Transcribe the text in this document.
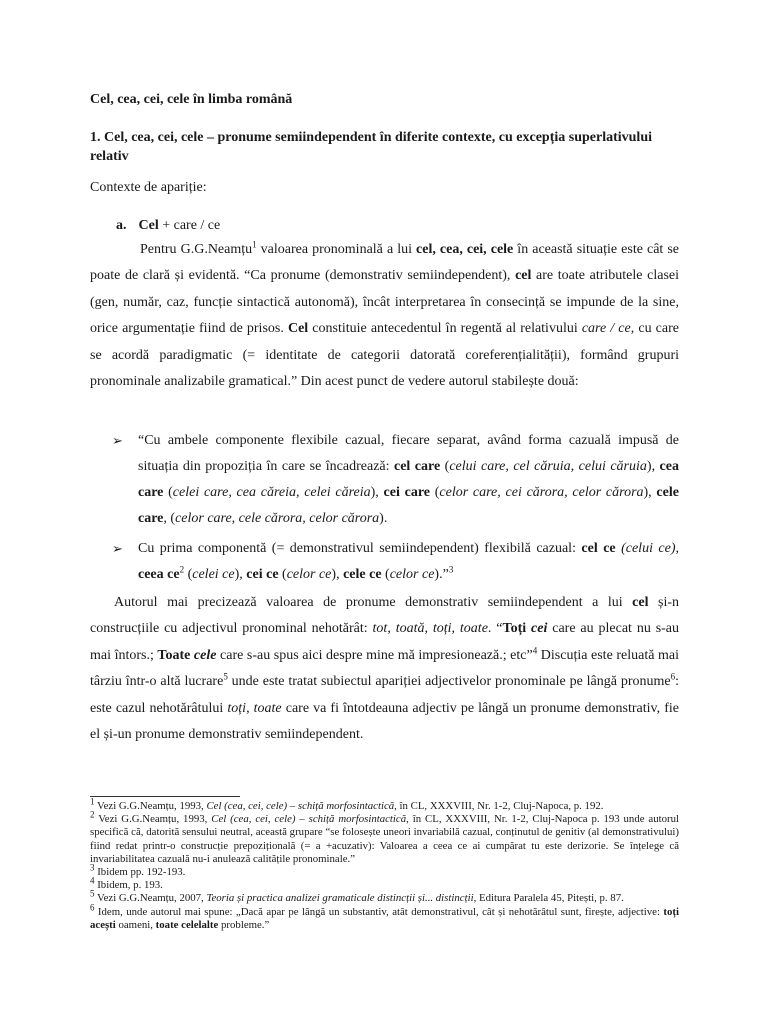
Cel, cea, cei, cele în limba română
1. Cel, cea, cei, cele – pronume semiindependent în diferite contexte, cu excepția superlativului relativ
Contexte de apariție:
a. Cel + care / ce

Pentru G.G.Neamțu$^1$ valoarea pronominală a lui cel, cea, cei, cele în această situație este cât se poate de clară și evidentă. “Ca pronume (demonstrativ semiindependent), cel are toate atributele clasei (gen, număr, caz, funcție sintactică autonomă), încât interpretarea în consecință se impunde de la sine, orice argumentație fiind de prisos. Cel constituie antecedentul în regentă al relativului care / ce, cu care se acordă paradigmatic (= identitate de categorii datorată coreferențialității), formând grupuri pronominale analizabile gramatical.” Din acest punct de vedere autorul stabilește două:

➢ “Cu ambele componente flexibile cazual, fiecare separat, având forma cazuală impusă de situația din propoziția în care se încadrează: cel care (celui care, cel căruia, celui căruia), cea care (celei care, cea căreia, celei căreia), cei care (celor care, cei cărora, celor cărora), cele care, (celor care, cele cărora, celor cărora).
➢ Cu prima componentă (= demonstrativul semiindependent) flexibilă cazual: cel ce (celui ce), ceea $ce^2$ (celei ce), cei ce (celor ce), cele ce (celor ce).”$^3$

Autorul mai precizează valoarea de pronume demonstrativ semiindependent a lui cel și-n construcțiile cu adjectivul pronominal nehotărât: tot, toată, toți, toate. “Toți cei care au plecat nu s-au mai întors.; Toate cele care s-au spus aici despre mine mă impresionează.; etc”$^4$ Discuția este reluată mai târziu într-o altă lucrare$^5$ unde este tratat subiectul apariției adjectivelor pronominale pe lângă pronume$^6$: este cazul nehotărâtului toți, toate care va fi întotdeauna adjectiv pe lângă un pronume demonstrativ, fie el și-un pronume demonstrativ semiindependent.

$^1$ Vezi G.G.Neamțu, 1993, Cel (cea, cei, cele) – schiță morfosintactică, în CL, XXXVIII, Nr. 1-2, Cluj-Napoca, p. 192.

$^2$ Vezi G.G.Neamțu, 1993, Cel (cea, cei, cele) – schiță morfosintactică, în CL, XXXVIII, Nr. 1-2, Cluj-Napoca p. 193 unde autorul specifică că, datorită sensului neutral, această grupare “se folosește uneori invariabilă cazual, conținutul de genitiv (al demonstrativului) fiind redat printr-o construcție prepozițională (= a +acuzativ): Valoarea a ceea ce ai cumpărat tu este derizorie. Se înțelege că invariabilitatea cazuală nu-i anulează calitățile pronominale.”

$^3$ Ibidem pp. 192-193.

$^4$ Ibidem, p. 193.

$^5$ Vezi G.G.Neamțu, 2007, Teoria și practica analizei gramaticale distincții și... distincții, Editura Paralela 45, Pitești, p. 87.

$^6$ Idem, unde autorul mai spune: „Dacă apar pe lângă un substantiv, atât demonstrativul, cât și nehotărâtul sunt, firește, adjective: toți acești oameni, toate celelalte probleme.”
